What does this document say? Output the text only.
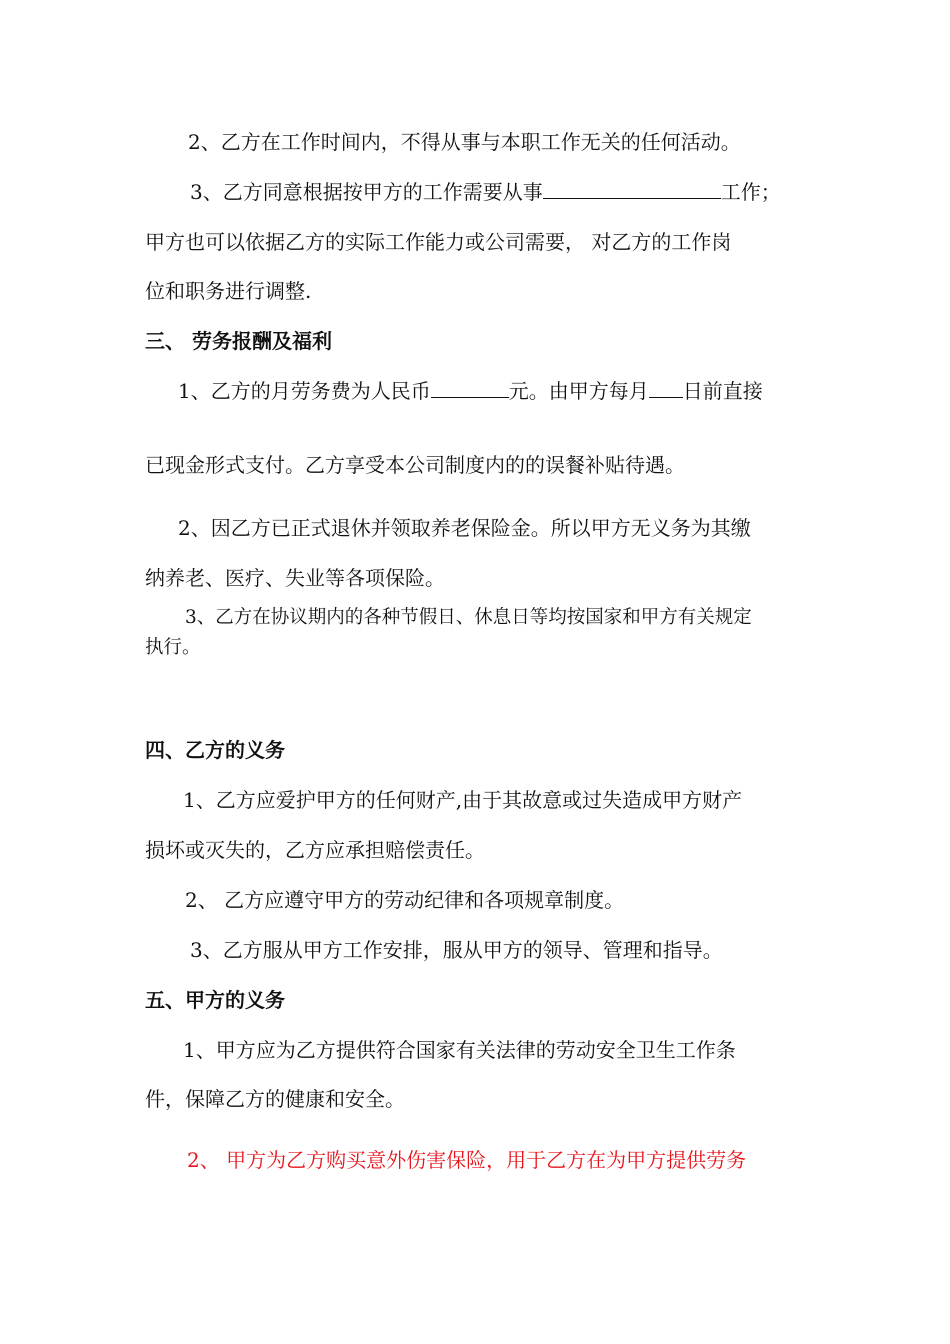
2、乙方在工作时间内，不得从事与本职工作无关的任何活动。
3、乙方同意根据按甲方的工作需要从事	工作；
甲方也可以依据乙方的实际工作能力或公司需要， 对乙方的工作岗
位和职务进行调整.
三、 劳务报酬及福利
1、乙方的月劳务费为人民币	元。由甲方每月 日前直接
已现金形式支付。乙方享受本公司制度内的的误餐补贴待遇。
2、因乙方已正式退休并领取养老保险金。所以甲方无义务为其缴
纳养老、医疗、失业等各项保险。
3、乙方在协议期内的各种节假日、休息日等均按国家和甲方有关规定
执行。
四、乙方的义务
1、乙方应爱护甲方的任何财产,由于其故意或过失造成甲方财产
损坏或灭失的，乙方应承担赔偿责任。
2、 乙方应遵守甲方的劳动纪律和各项规章制度。
3、乙方服从甲方工作安排，服从甲方的领导、管理和指导。
五、甲方的义务
1、甲方应为乙方提供符合国家有关法律的劳动安全卫生工作条
件，保障乙方的健康和安全。
2、 甲方为乙方购买意外伤害保险，用于乙方在为甲方提供劳务
